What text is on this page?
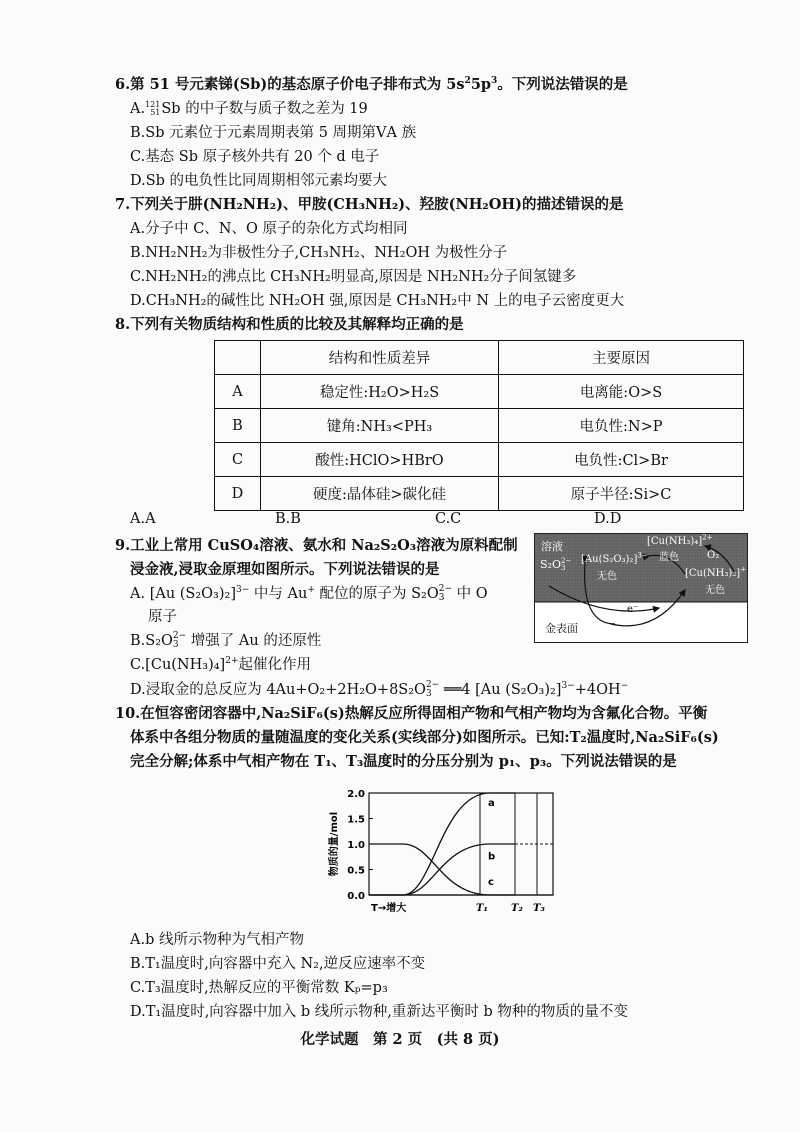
6.第 51 号元素锑(Sb)的基态原子价电子排布式为 $5s^25p^3$。下列说法错误的是
A.121
51Sb 的中子数与质子数之差为 19
B.Sb 元素位于元素周期表第 5 周期第ⅤA 族
C.基态 Sb 原子核外共有 20 个 d 电子
D.Sb 的电负性比同周期相邻元素均要大
7.下列关于肼(NH₂NH₂)、甲胺(CH₃NH₂)、羟胺(NH₂OH)的描述错误的是
A.分子中 C、N、O 原子的杂化方式均相同
B.NH₂NH₂为非极性分子,CH₃NH₂、NH₂OH 为极性分子
C.NH₂NH₂的沸点比 CH₃NH₂明显高,原因是 NH₂NH₂分子间氢键多
D.CH₃NH₂的碱性比 NH₂OH 强,原因是 CH₃NH₂中 N 上的电子云密度更大
8.下列有关物质结构和性质的比较及其解释均正确的是
	结构和性质差异	主要原因
A	稳定性:H₂O>H₂S	电离能:O>S
B	键角:NH₃<PH₃	电负性:N>P
C	酸性:HClO>HBrO	电负性:Cl>Br
D	硬度:晶体硅>碳化硅	原子半径:Si>C
A.A	B.B	C.C	D.D
9.工业上常用 CuSO₄溶液、氨水和 Na₂S₂O₃溶液为原料配制
浸金液,浸取金原理如图所示。下列说法错误的是
A. [Au (S₂O₃)₂]$^{3-}$ 中与 Au+ 配位的原子为 S₂O2−
3 中 O
原子
B.S₂O2−
3 增强了 Au 的还原性
$C.[Cu(NH_3)_4]^{2+}$起催化作用
D.浸取金的总反应为 4Au+O₂+2H₂O+8S₂O2−
3 ══4 [Au (S₂O₃)₂]$^{3-}$+4OH−
溶液
S₂O2−
3
$[Au(S_2O_3)_2]^{3-}$
无色
$[Cu(NH_3)_4]^{2+}$
蓝色	O₂
[Cu(NH₃)₂]+
无色
e⁻
金表面
10.在恒容密闭容器中,Na₂SiF₆(s)热解反应所得固相产物和气相产物均为含氟化合物。平衡
体系中各组分物质的量随温度的变化关系(实线部分)如图所示。已知:T₂温度时,Na₂SiF₆(s)
完全分解;体系中气相产物在 T₁、T₃温度时的分压分别为 p₁、p₃。下列说法错误的是
2.0
1.5
1.0
0.5
0.0
物质的量/mol
T→增大	T₁ T₂ T₃
a
b
c
A.b 线所示物种为气相产物
B.T₁温度时,向容器中充入 N₂,逆反应速率不变
C.T₃温度时,热解反应的平衡常数 Kₚ=p₃
D.T₁温度时,向容器中加入 b 线所示物种,重新达平衡时 b 物种的物质的量不变
化学试题　第 2 页　(共 8 页)
